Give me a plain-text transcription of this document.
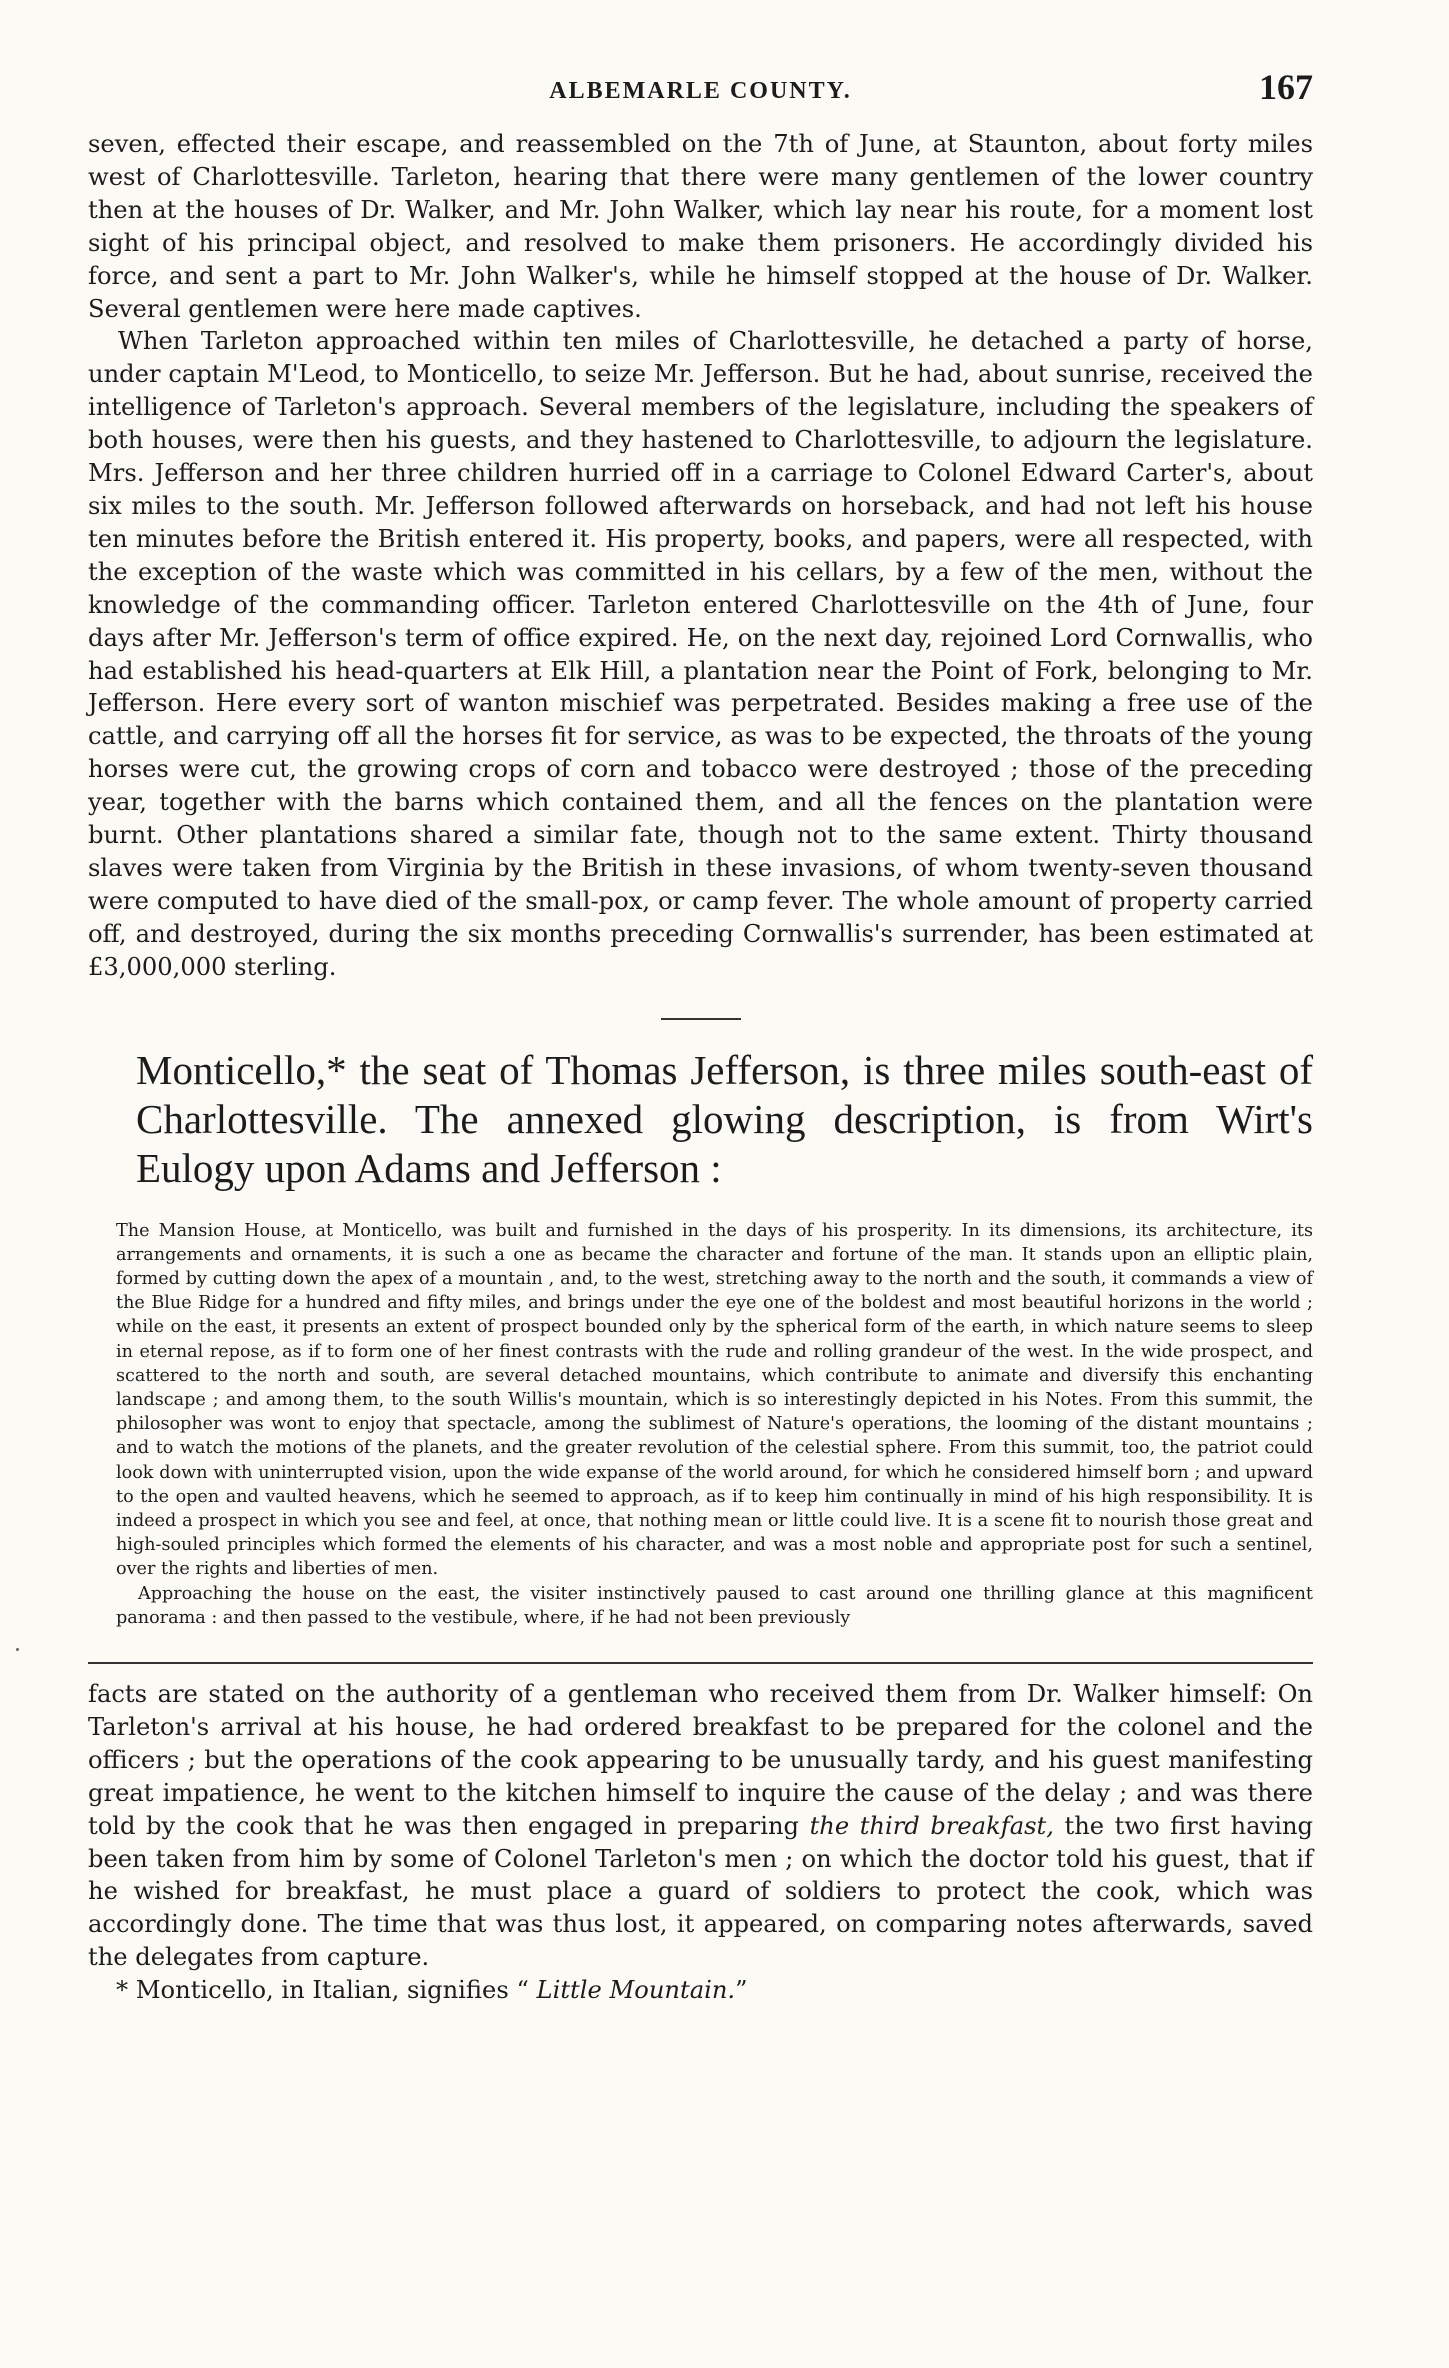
ALBEMARLE COUNTY.	167

seven, effected their escape, and reassembled on the 7th of June, at Staunton, about forty miles west of Charlottesville. Tarleton, hearing that there were many gentlemen of the lower country then at the houses of Dr. Walker, and Mr. John Walker, which lay near his route, for a moment lost sight of his principal object, and resolved to make them prisoners. He accordingly divided his force, and sent a part to Mr. John Walker's, while he himself stopped at the house of Dr. Walker. Several gentlemen were here made captives.

When Tarleton approached within ten miles of Charlottesville, he detached a party of horse, under captain M'Leod, to Monticello, to seize Mr. Jefferson. But he had, about sunrise, received the intelligence of Tarleton's approach. Several members of the legislature, including the speakers of both houses, were then his guests, and they hastened to Charlottesville, to adjourn the legislature. Mrs. Jefferson and her three children hurried off in a carriage to Colonel Edward Carter's, about six miles to the south. Mr. Jefferson followed afterwards on horseback, and had not left his house ten minutes before the British entered it. His property, books, and papers, were all respected, with the exception of the waste which was committed in his cellars, by a few of the men, without the knowledge of the commanding officer. Tarleton entered Charlottesville on the 4th of June, four days after Mr. Jefferson's term of office expired. He, on the next day, rejoined Lord Cornwallis, who had established his head-quarters at Elk Hill, a plantation near the Point of Fork, belonging to Mr. Jefferson. Here every sort of wanton mischief was perpetrated. Besides making a free use of the cattle, and carrying off all the horses fit for service, as was to be expected, the throats of the young horses were cut, the growing crops of corn and tobacco were destroyed ; those of the preceding year, together with the barns which contained them, and all the fences on the plantation were burnt. Other plantations shared a similar fate, though not to the same extent. Thirty thousand slaves were taken from Virginia by the British in these invasions, of whom twenty-seven thousand were computed to have died of the small-pox, or camp fever. The whole amount of property carried off, and destroyed, during the six months preceding Cornwallis's surrender, has been estimated at £3,000,000 sterling.

Monticello,* the seat of Thomas Jefferson, is three miles south-east of Charlottesville. The annexed glowing description, is from Wirt's Eulogy upon Adams and Jefferson :

The Mansion House, at Monticello, was built and furnished in the days of his prosperity. In its dimensions, its architecture, its arrangements and ornaments, it is such a one as became the character and fortune of the man. It stands upon an elliptic plain, formed by cutting down the apex of a mountain , and, to the west, stretching away to the north and the south, it commands a view of the Blue Ridge for a hundred and fifty miles, and brings under the eye one of the boldest and most beautiful horizons in the world ; while on the east, it presents an extent of prospect bounded only by the spherical form of the earth, in which nature seems to sleep in eternal repose, as if to form one of her finest contrasts with the rude and rolling grandeur of the west. In the wide prospect, and scattered to the north and south, are several detached mountains, which contribute to animate and diversify this enchanting landscape ; and among them, to the south Willis's mountain, which is so interestingly depicted in his Notes. From this summit, the philosopher was wont to enjoy that spectacle, among the sublimest of Nature's operations, the looming of the distant mountains ; and to watch the motions of the planets, and the greater revolution of the celestial sphere. From this summit, too, the patriot could look down with uninterrupted vision, upon the wide expanse of the world around, for which he considered himself born ; and upward to the open and vaulted heavens, which he seemed to approach, as if to keep him continually in mind of his high responsibility. It is indeed a prospect in which you see and feel, at once, that nothing mean or little could live. It is a scene fit to nourish those great and high-souled principles which formed the elements of his character, and was a most noble and appropriate post for such a sentinel, over the rights and liberties of men.

Approaching the house on the east, the visiter instinctively paused to cast around one thrilling glance at this magnificent panorama : and then passed to the vestibule, where, if he had not been previously

facts are stated on the authority of a gentleman who received them from Dr. Walker himself: On Tarleton's arrival at his house, he had ordered breakfast to be prepared for the colonel and the officers ; but the operations of the cook appearing to be unusually tardy, and his guest manifesting great impatience, he went to the kitchen himself to inquire the cause of the delay ; and was there told by the cook that he was then engaged in preparing the third breakfast, the two first having been taken from him by some of Colonel Tarleton's men ; on which the doctor told his guest, that if he wished for breakfast, he must place a guard of soldiers to protect the cook, which was accordingly done. The time that was thus lost, it appeared, on comparing notes afterwards, saved the delegates from capture.

* Monticello, in Italian, signifies “ Little Mountain.”
